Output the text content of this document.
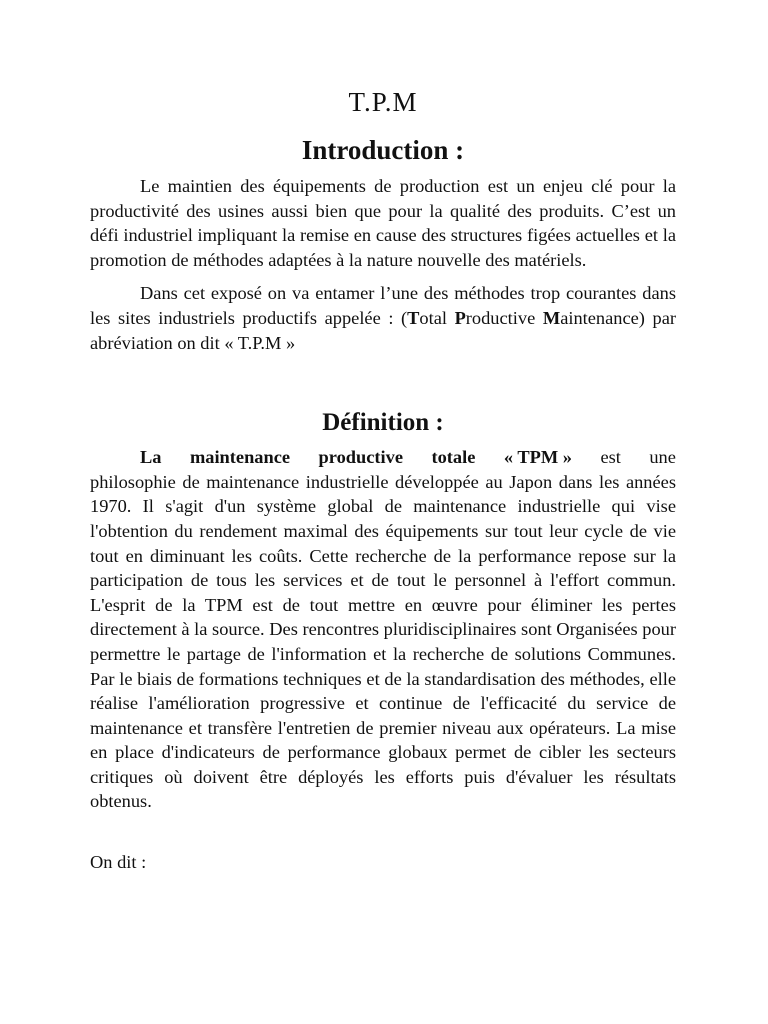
T.P.M
Introduction :

Le maintien des équipements de production est un enjeu clé pour la productivité des usines aussi bien que pour la qualité des produits. C’est un défi industriel impliquant la remise en cause des structures figées actuelles et la promotion de méthodes adaptées à la nature nouvelle des matériels.

Dans cet exposé on va entamer l’une des méthodes trop courantes dans les sites industriels productifs appelée : (Total Productive Maintenance) par abréviation on dit « T.P.M »

Définition :
La maintenance productive totale « TPM » est une

philosophie de maintenance industrielle développée au Japon dans les années 1970. Il s'agit d'un système global de maintenance industrielle qui vise l'obtention du rendement maximal des équipements sur tout leur cycle de vie tout en diminuant les coûts. Cette recherche de la performance repose sur la participation de tous les services et de tout le personnel à l'effort commun. L'esprit de la TPM est de tout mettre en œuvre pour éliminer les pertes directement à la source. Des rencontres pluridisciplinaires sont Organisées pour permettre le partage de l'information et la recherche de solutions Communes. Par le biais de formations techniques et de la standardisation des méthodes, elle réalise l'amélioration progressive et continue de l'efficacité du service de maintenance et transfère l'entretien de premier niveau aux opérateurs. La mise en place d'indicateurs de performance globaux permet de cibler les secteurs critiques où doivent être déployés les efforts puis d'évaluer les résultats obtenus.

On dit :
